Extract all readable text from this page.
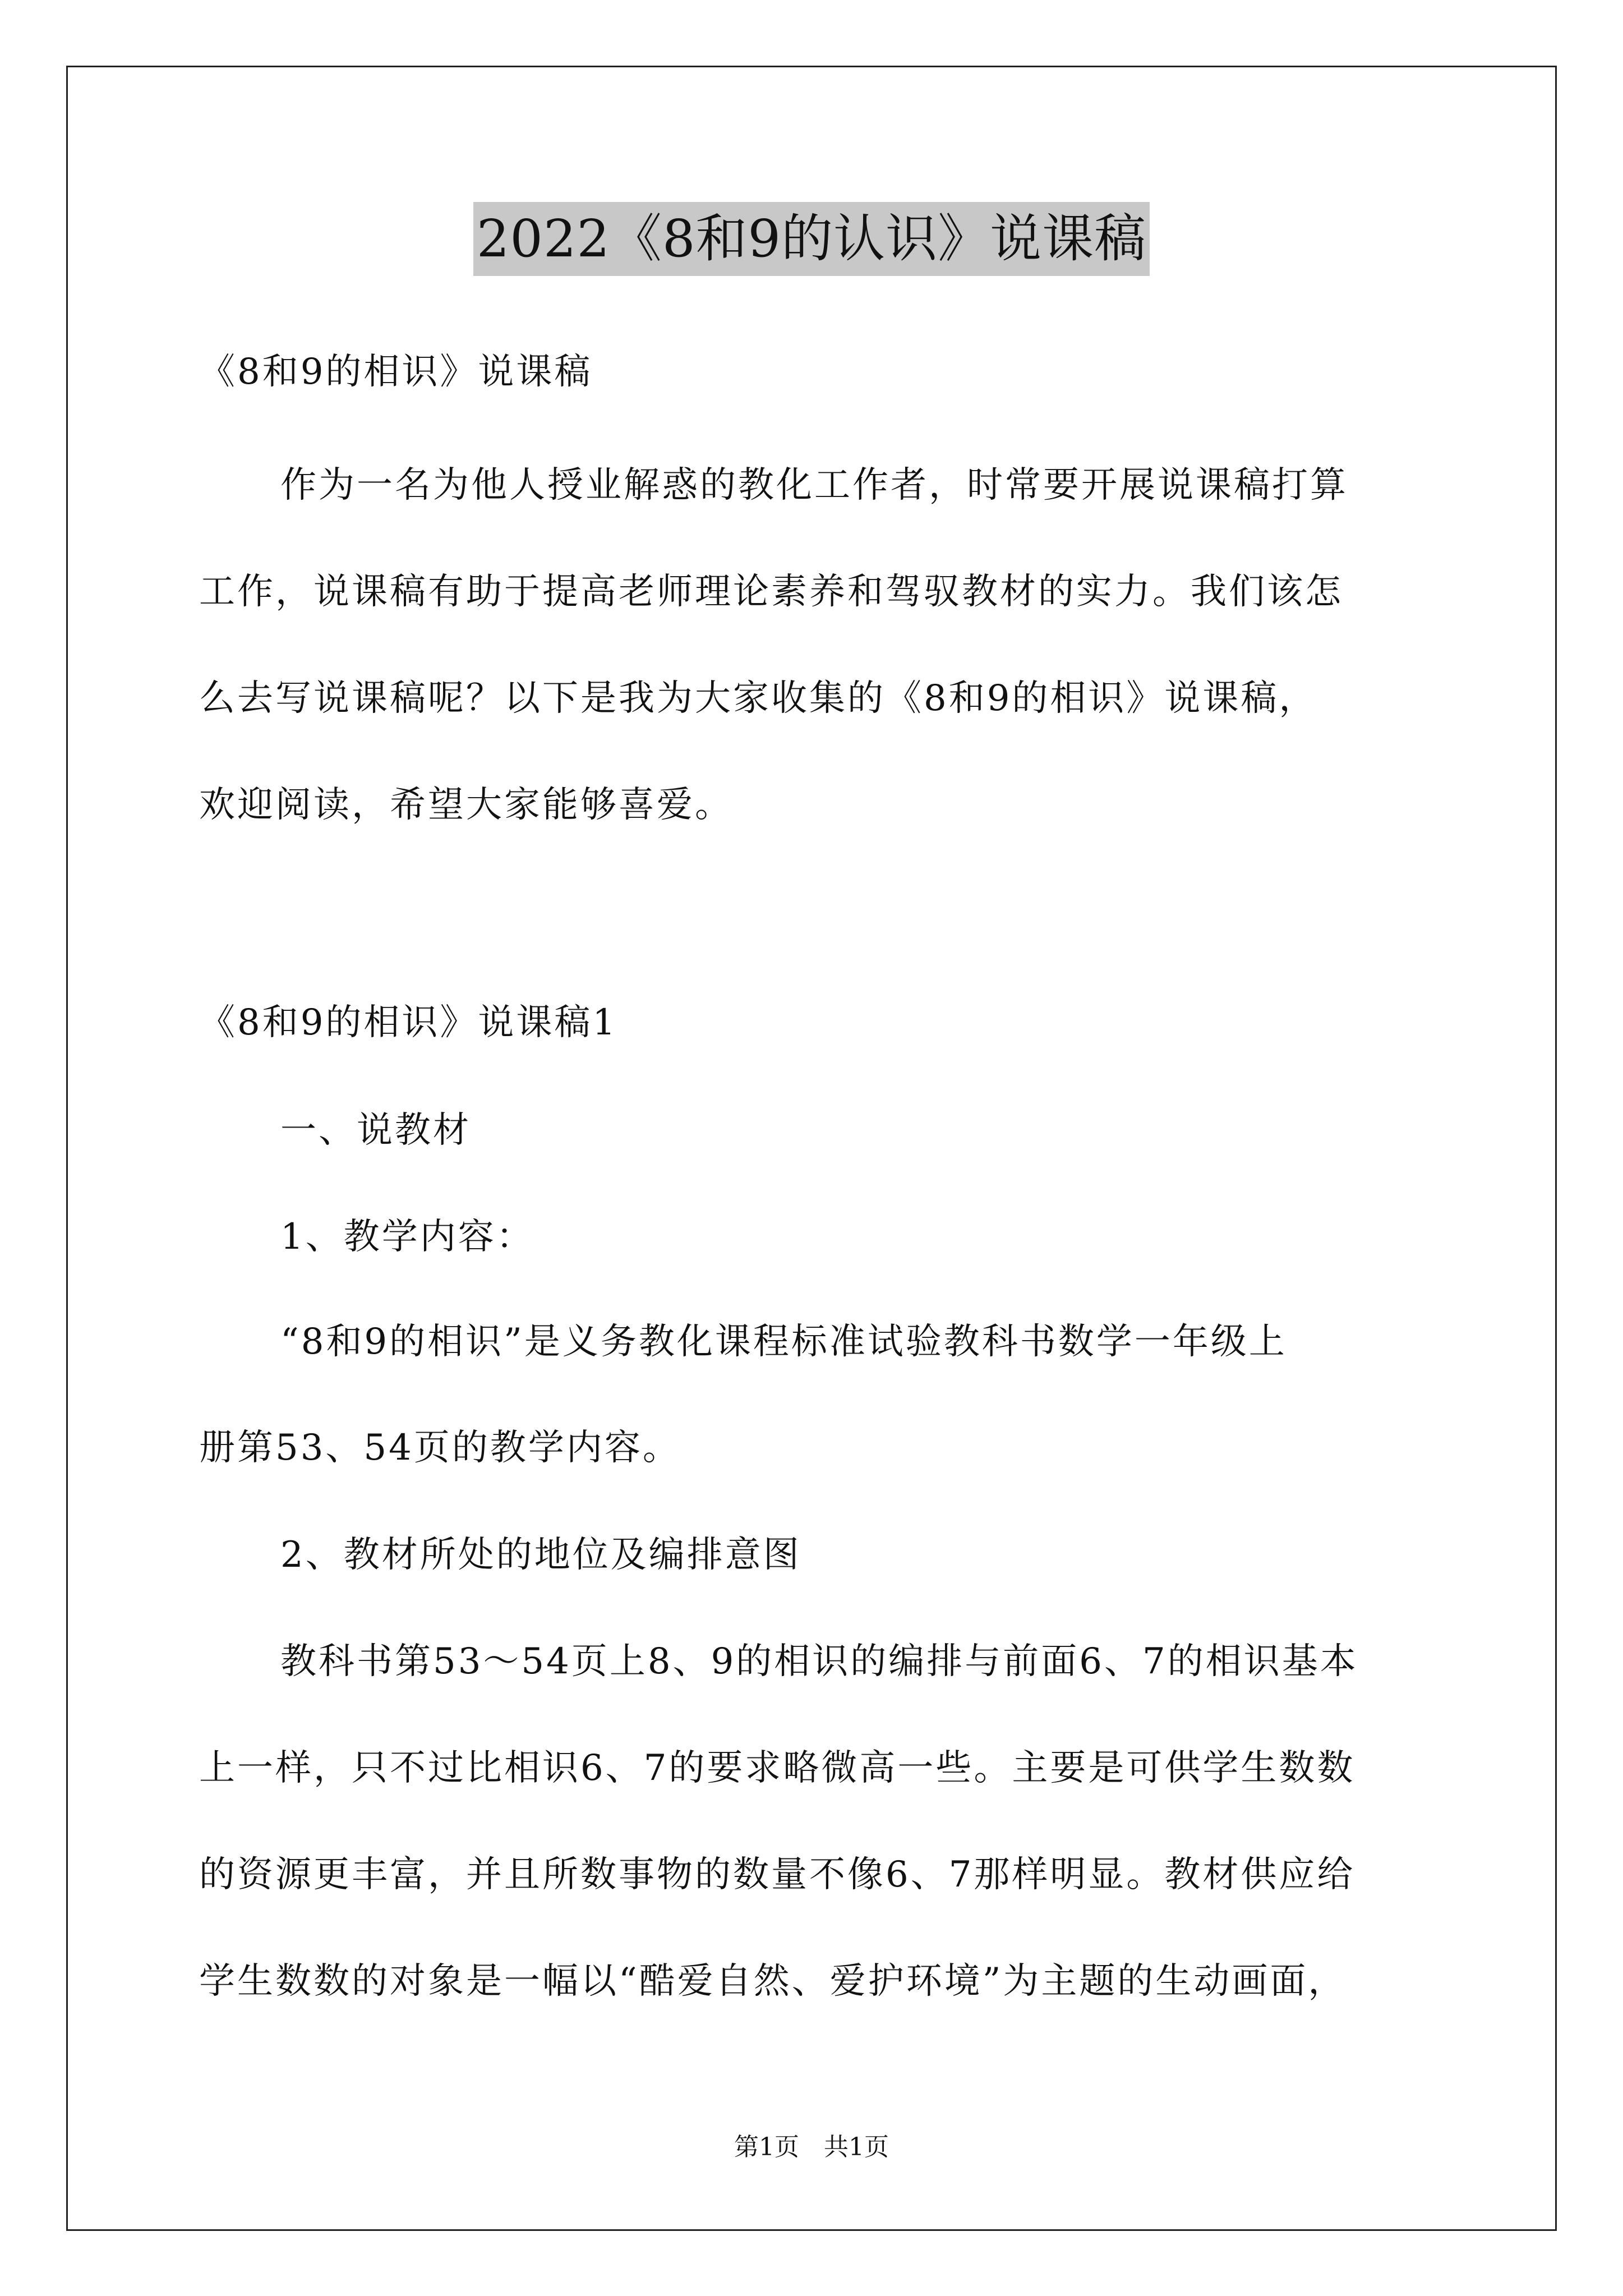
2022《8和9的认识》说课稿
《8和9的相识》说课稿
作为一名为他人授业解惑的教化工作者，时常要开展说课稿打算
工作，说课稿有助于提高老师理论素养和驾驭教材的实力。我们该怎
么去写说课稿呢？以下是我为大家收集的《8和9的相识》说课稿，
欢迎阅读，希望大家能够喜爱。
《8和9的相识》说课稿1
一、说教材
1、教学内容：
“8和9的相识”是义务教化课程标准试验教科书数学一年级上
册第53、54页的教学内容。
2、教材所处的地位及编排意图
教科书第53～54页上8、9的相识的编排与前面6、7的相识基本
上一样，只不过比相识6、7的要求略微高一些。主要是可供学生数数
的资源更丰富，并且所数事物的数量不像6、7那样明显。教材供应给
学生数数的对象是一幅以“酷爱自然、爱护环境”为主题的生动画面，
第1页　共1页
